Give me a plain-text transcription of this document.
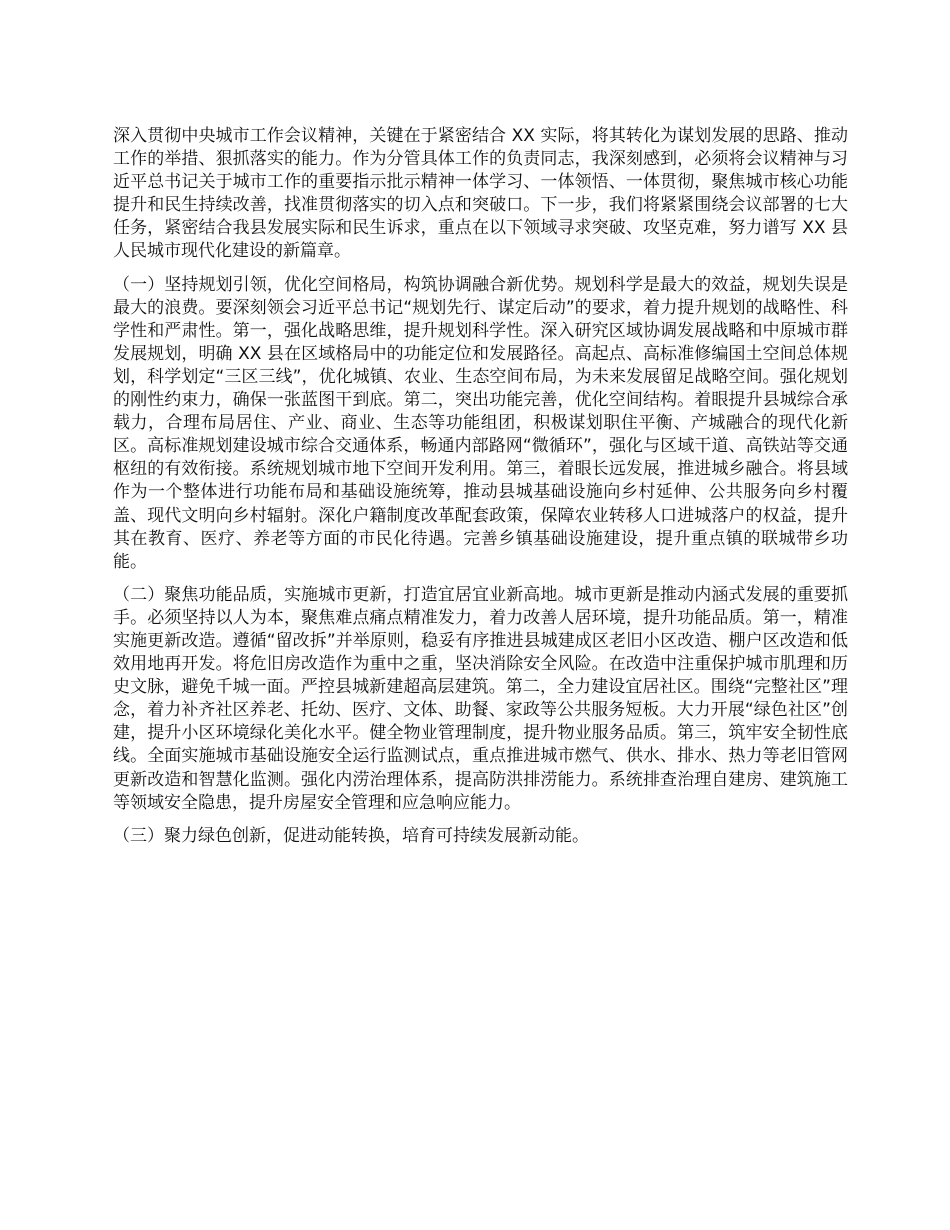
深入贯彻中央城市工作会议精神，关键在于紧密结合 XX 实际，将其转化为谋划发展的思路、推动工作的举措、狠抓落实的能力。作为分管具体工作的负责同志，我深刻感到，必须将会议精神与习近平总书记关于城市工作的重要指示批示精神一体学习、一体领悟、一体贯彻，聚焦城市核心功能提升和民生持续改善，找准贯彻落实的切入点和突破口。下一步，我们将紧紧围绕会议部署的七大任务，紧密结合我县发展实际和民生诉求，重点在以下领域寻求突破、攻坚克难，努力谱写 XX 县人民城市现代化建设的新篇章。

（一）坚持规划引领，优化空间格局，构筑协调融合新优势。规划科学是最大的效益，规划失误是最大的浪费。要深刻领会习近平总书记“规划先行、谋定后动”的要求，着力提升规划的战略性、科学性和严肃性。第一，强化战略思维，提升规划科学性。深入研究区域协调发展战略和中原城市群发展规划，明确 XX 县在区域格局中的功能定位和发展路径。高起点、高标准修编国土空间总体规划，科学划定“三区三线”，优化城镇、农业、生态空间布局，为未来发展留足战略空间。强化规划的刚性约束力，确保一张蓝图干到底。第二，突出功能完善，优化空间结构。着眼提升县城综合承载力，合理布局居住、产业、商业、生态等功能组团，积极谋划职住平衡、产城融合的现代化新区。高标准规划建设城市综合交通体系，畅通内部路网“微循环”，强化与区域干道、高铁站等交通枢纽的有效衔接。系统规划城市地下空间开发利用。第三，着眼长远发展，推进城乡融合。将县域作为一个整体进行功能布局和基础设施统筹，推动县城基础设施向乡村延伸、公共服务向乡村覆盖、现代文明向乡村辐射。深化户籍制度改革配套政策，保障农业转移人口进城落户的权益，提升其在教育、医疗、养老等方面的市民化待遇。完善乡镇基础设施建设，提升重点镇的联城带乡功能。

（二）聚焦功能品质，实施城市更新，打造宜居宜业新高地。城市更新是推动内涵式发展的重要抓手。必须坚持以人为本，聚焦难点痛点精准发力，着力改善人居环境，提升功能品质。第一，精准实施更新改造。遵循“留改拆”并举原则，稳妥有序推进县城建成区老旧小区改造、棚户区改造和低效用地再开发。将危旧房改造作为重中之重，坚决消除安全风险。在改造中注重保护城市肌理和历史文脉，避免千城一面。严控县城新建超高层建筑。第二，全力建设宜居社区。围绕“完整社区”理念，着力补齐社区养老、托幼、医疗、文体、助餐、家政等公共服务短板。大力开展“绿色社区”创建，提升小区环境绿化美化水平。健全物业管理制度，提升物业服务品质。第三，筑牢安全韧性底线。全面实施城市基础设施安全运行监测试点，重点推进城市燃气、供水、排水、热力等老旧管网更新改造和智慧化监测。强化内涝治理体系，提高防洪排涝能力。系统排查治理自建房、建筑施工等领域安全隐患，提升房屋安全管理和应急响应能力。

（三）聚力绿色创新，促进动能转换，培育可持续发展新动能。
